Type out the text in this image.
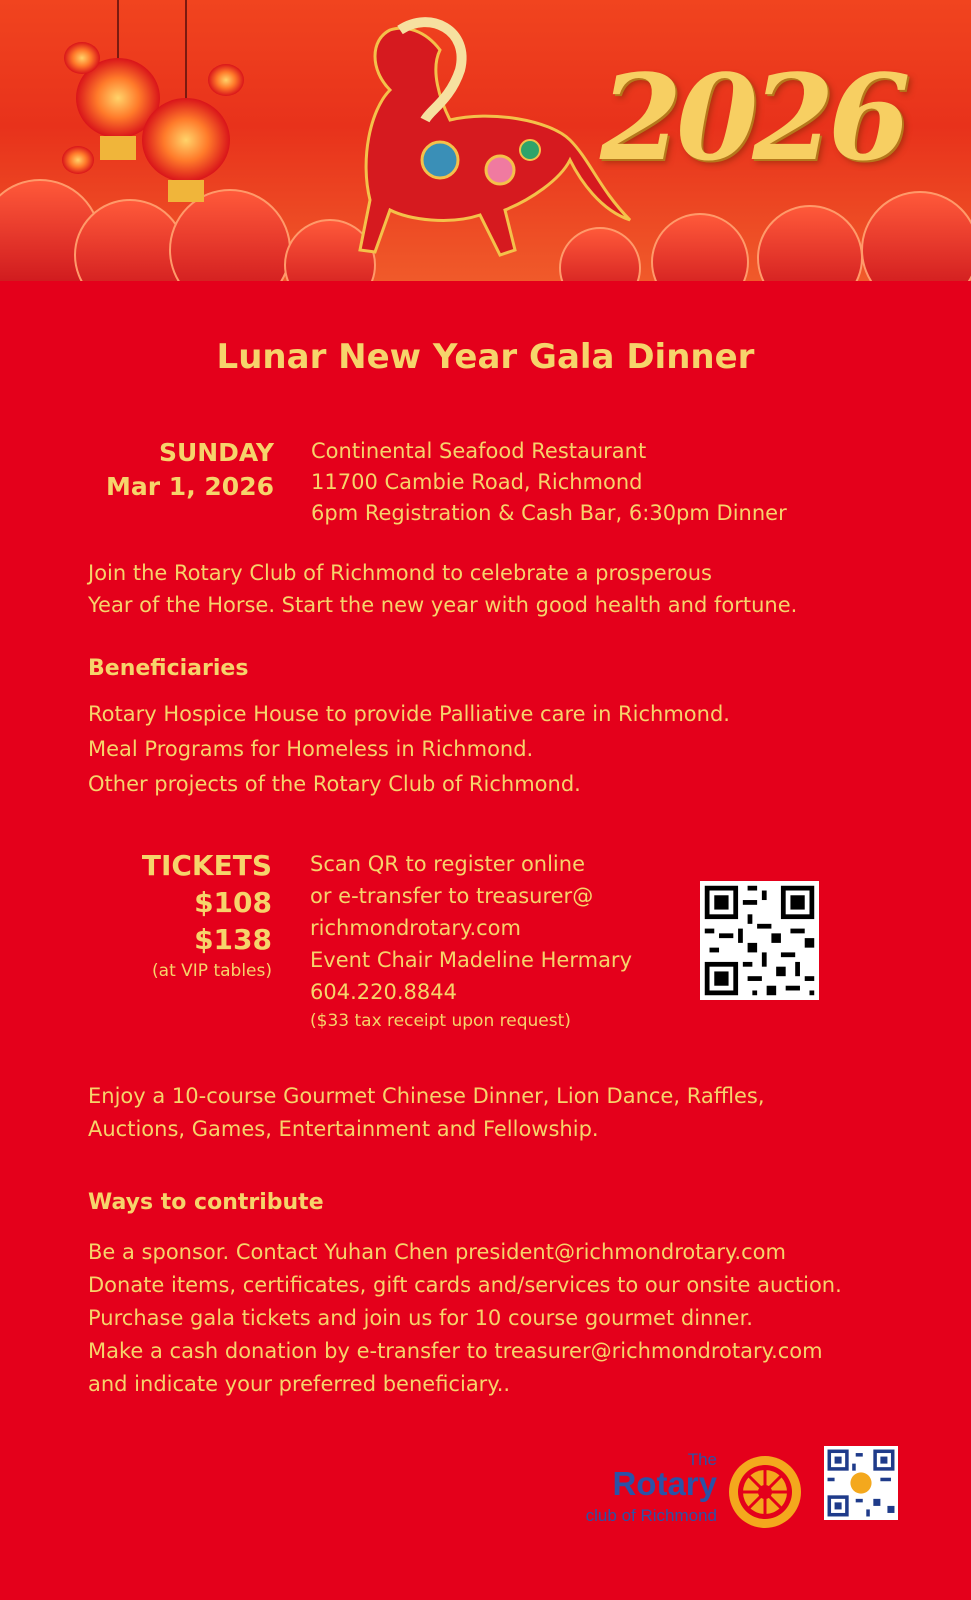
2026
Lunar New Year Gala Dinner
SUNDAY
Mar 1, 2026
Continental Seafood Restaurant
11700 Cambie Road, Richmond
6pm Registration & Cash Bar, 6:30pm Dinner
Join the Rotary Club of Richmond to celebrate a prosperous
Year of the Horse. Start the new year with good health and fortune.
Beneficiaries
Rotary Hospice House to provide Palliative care in Richmond.
Meal Programs for Homeless in Richmond.
Other projects of the Rotary Club of Richmond.
TICKETS
$108
$138
(at VIP tables)
Scan QR to register online
or e-transfer to treasurer@
richmondrotary.com
Event Chair Madeline Hermary
604.220.8844
($33 tax receipt upon request)
Enjoy a 10-course Gourmet Chinese Dinner, Lion Dance, Raffles,
Auctions, Games, Entertainment and Fellowship.
Ways to contribute
Be a sponsor. Contact Yuhan Chen president@richmondrotary.com
Donate items, certificates, gift cards and/services to our onsite auction.
Purchase gala tickets and join us for 10 course gourmet dinner.
Make a cash donation by e-transfer to treasurer@richmondrotary.com
and indicate your preferred beneficiary..
The
Rotary
club of Richmond
